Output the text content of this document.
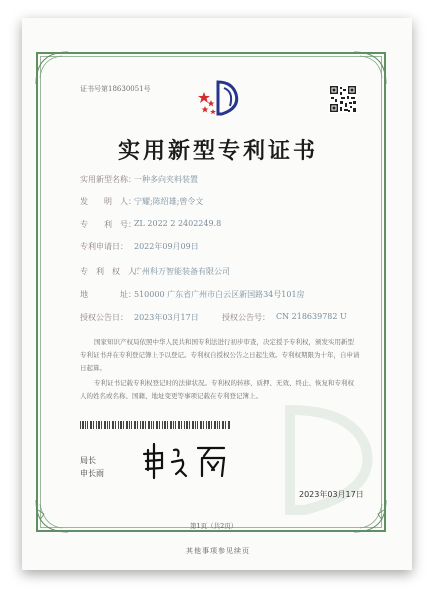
证书号第18630051号
实用新型专利证书
实用新型名称：
一种多向夹料装置
发　　明　人：
宁耀;陈绍雄;曾令文
专　　利　号：
ZL 2022 2 2402249.8
专利申请日： 2022年09月09日
专　利　权　人：
广州科万智能装备有限公司
地　　　　址：
510000 广东省广州市白云区新国路34号101房
授权公告日： 2023年03月17日	授权公告号： CN 218639782 U
国家知识产权局依照中华人民共和国专利法进行初步审查，决定授予专利权，颁发实用新型专利证书并在专利登记簿上予以登记。专利权自授权公告之日起生效。专利权期限为十年，自申请日起算。
专利证书记载专利权登记时的法律状况。专利权的转移、质押、无效、终止、恢复和专利权人的姓名或名称、国籍、地址变更等事项记载在专利登记簿上。
局长
申长雨
2023年03月17日
第1页（共2页）
其他事项参见续页
